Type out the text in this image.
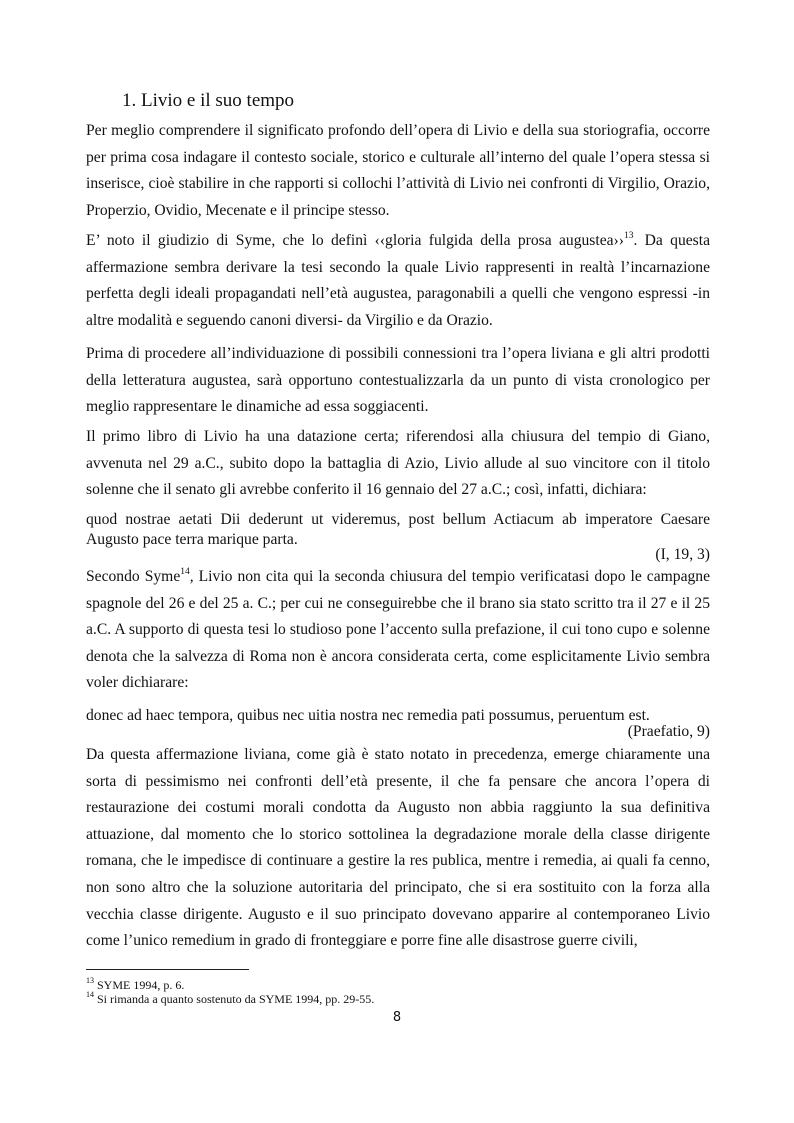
1. Livio e il suo tempo
Per meglio comprendere il significato profondo dell’opera di Livio e della sua storiografia, occorre per prima cosa indagare il contesto sociale, storico e culturale all’interno del quale l’opera stessa si inserisce, cioè stabilire in che rapporti si collochi l’attività di Livio nei confronti di Virgilio, Orazio, Properzio, Ovidio, Mecenate e il principe stesso.
E’ noto il giudizio di Syme, che lo definì ‹‹gloria fulgida della prosa augustea››$^{13}$. Da questa affermazione sembra derivare la tesi secondo la quale Livio rappresenti in realtà l’incarnazione perfetta degli ideali propagandati nell’età augustea, paragonabili a quelli che vengono espressi -in altre modalità e seguendo canoni diversi- da Virgilio e da Orazio.
Prima di procedere all’individuazione di possibili connessioni tra l’opera liviana e gli altri prodotti della letteratura augustea, sarà opportuno contestualizzarla da un punto di vista cronologico per meglio rappresentare le dinamiche ad essa soggiacenti.
Il primo libro di Livio ha una datazione certa; riferendosi alla chiusura del tempio di Giano, avvenuta nel 29 a.C., subito dopo la battaglia di Azio, Livio allude al suo vincitore con il titolo solenne che il senato gli avrebbe conferito il 16 gennaio del 27 a.C.; così, infatti, dichiara:
quod nostrae aetati Dii dederunt ut videremus, post bellum Actiacum ab imperatore Caesare Augusto pace terra marique parta.
(I, 19, 3)
Secondo Syme$^{14}$, Livio non cita qui la seconda chiusura del tempio verificatasi dopo le campagne spagnole del 26 e del 25 a. C.; per cui ne conseguirebbe che il brano sia stato scritto tra il 27 e il 25 a.C. A supporto di questa tesi lo studioso pone l’accento sulla prefazione, il cui tono cupo e solenne denota che la salvezza di Roma non è ancora considerata certa, come esplicitamente Livio sembra voler dichiarare:
donec ad haec tempora, quibus nec uitia nostra nec remedia pati possumus, peruentum est.
(Praefatio, 9)
Da questa affermazione liviana, come già è stato notato in precedenza, emerge chiaramente una sorta di pessimismo nei confronti dell’età presente, il che fa pensare che ancora l’opera di restaurazione dei costumi morali condotta da Augusto non abbia raggiunto la sua definitiva attuazione, dal momento che lo storico sottolinea la degradazione morale della classe dirigente romana, che le impedisce di continuare a gestire la res publica, mentre i remedia, ai quali fa cenno, non sono altro che la soluzione autoritaria del principato, che si era sostituito con la forza alla vecchia classe dirigente. Augusto e il suo principato dovevano apparire al contemporaneo Livio come l’unico remedium in grado di fronteggiare e porre fine alle disastrose guerre civili,
$^{13}$ SYME 1994, p. 6.
$^{14}$ Si rimanda a quanto sostenuto da SYME 1994, pp. 29-55.
8
